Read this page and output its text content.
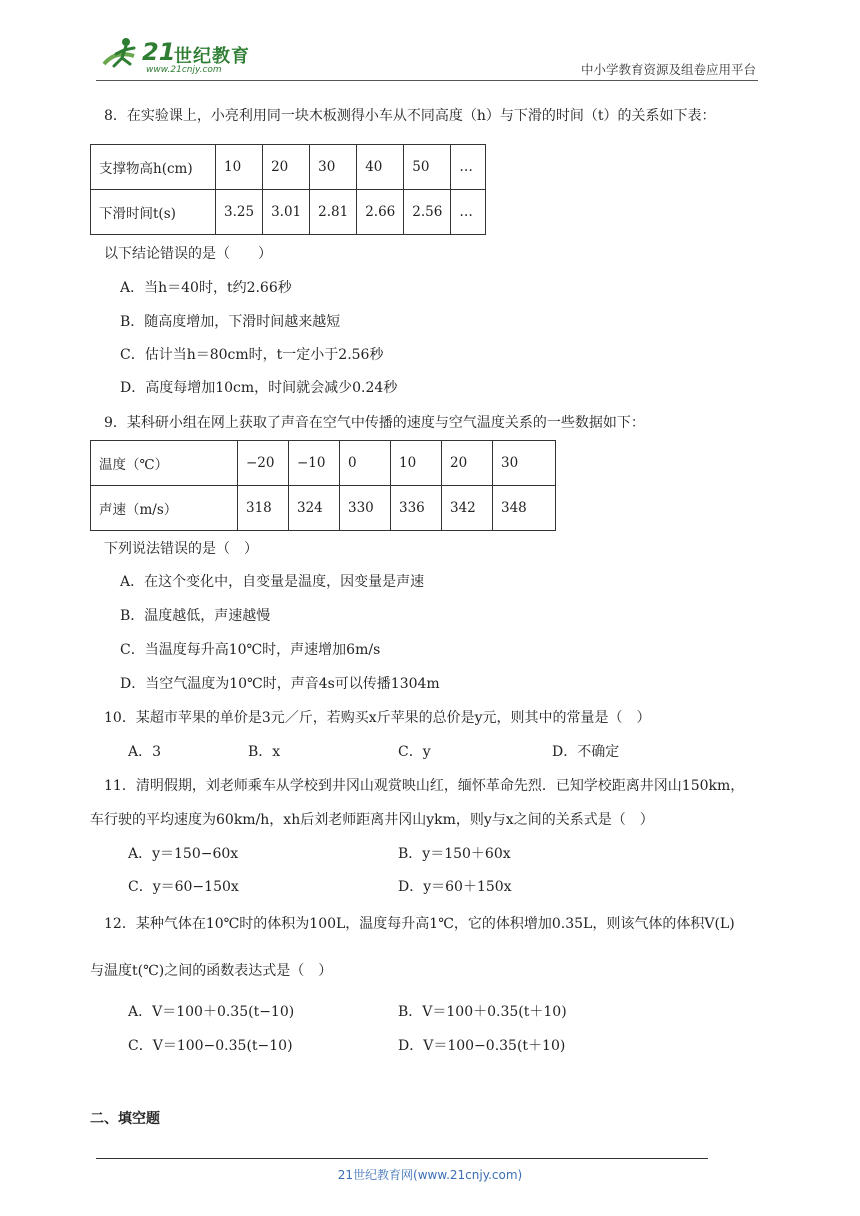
21
世纪教育
www.21cnjy.com	中小学教育资源及组卷应用平台
8．在实验课上，小亮利用同一块木板测得小车从不同高度（h）与下滑的时间（t）的关系如下表：
支撑物高h(cm)	10	20	30	40	50	…
下滑时间t(s)	3.25	3.01	2.81	2.66	2.56	…
以下结论错误的是（　　）
A．当h＝40时，t约2.66秒
B．随高度增加，下滑时间越来越短
C．估计当h＝80cm时，t一定小于2.56秒
D．高度每增加10cm，时间就会减少0.24秒
9．某科研小组在网上获取了声音在空气中传播的速度与空气温度关系的一些数据如下：
温度（℃）	−20	−10	0	10	20	30
声速（m/s）	318	324	330	336	342	348
下列说法错误的是（　）
A．在这个变化中，自变量是温度，因变量是声速
B．温度越低，声速越慢
C．当温度每升高10℃时，声速增加6m/s
D．当空气温度为10℃时，声音4s可以传播1304m
10．某超市苹果的单价是3元／斤，若购买x斤苹果的总价是y元，则其中的常量是（　）
A．3	B．x	C．y	D．不确定
11．清明假期，刘老师乘车从学校到井冈山观赏映山红，缅怀革命先烈．已知学校距离井冈山150km，
车行驶的平均速度为60km/h，xh后刘老师距离井冈山ykm，则y与x之间的关系式是（　）
A．y＝150−60x	B．y＝150＋60x
C．y＝60−150x	D．y＝60＋150x
12．某种气体在10℃时的体积为100L，温度每升高1℃，它的体积增加0.35L，则该气体的体积V(L)
与温度t(℃)之间的函数表达式是（　）
A．V＝100＋0.35(t−10)	B．V＝100＋0.35(t＋10)
C．V＝100−0.35(t−10)	D．V＝100−0.35(t＋10)
二、填空题
21世纪教育网(www.21cnjy.com)
